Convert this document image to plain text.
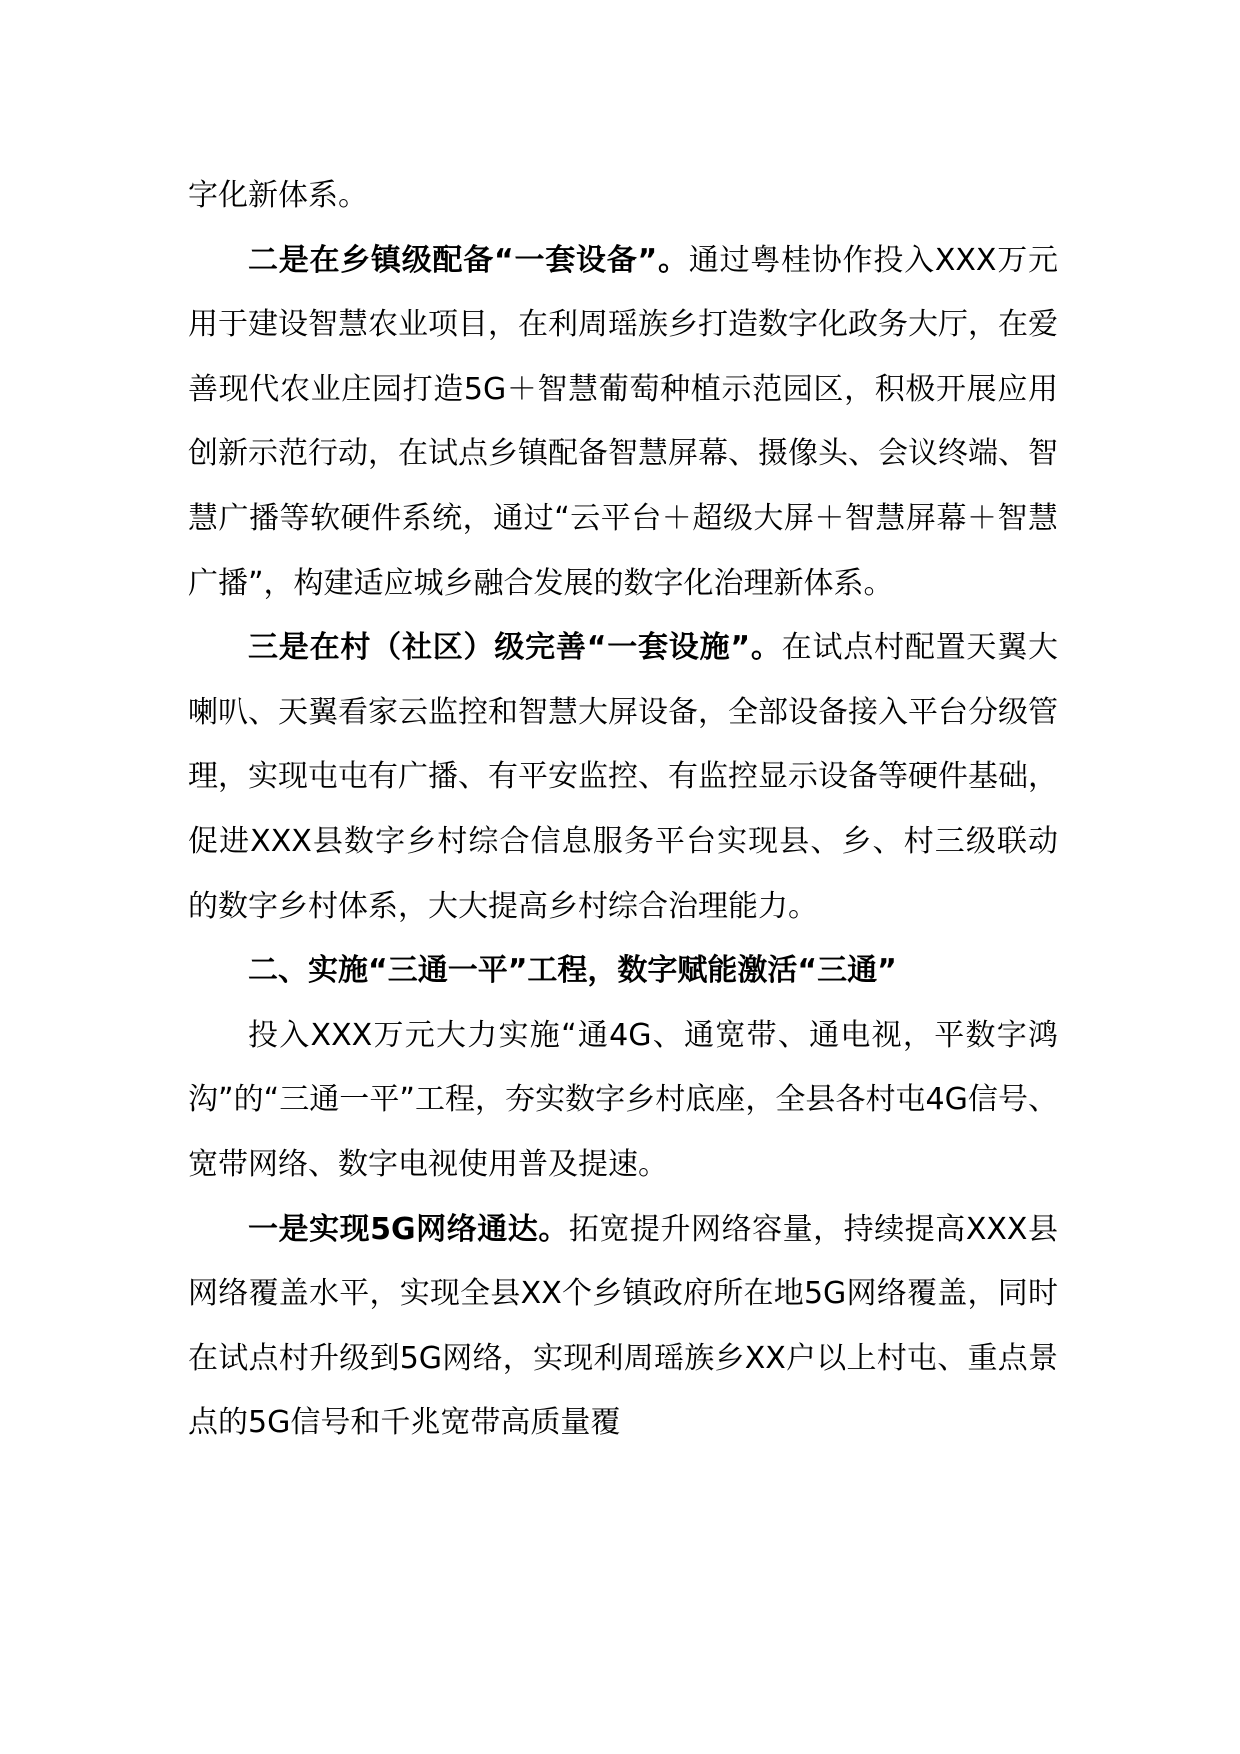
字化新体系。

二是在乡镇级配备“一套设备”。通过粤桂协作投入XXX万元用于建设智慧农业项目，在利周瑶族乡打造数字化政务大厅，在爱善现代农业庄园打造5G＋智慧葡萄种植示范园区，积极开展应用创新示范行动，在试点乡镇配备智慧屏幕、摄像头、会议终端、智慧广播等软硬件系统，通过“云平台＋超级大屏＋智慧屏幕＋智慧广播”，构建适应城乡融合发展的数字化治理新体系。

三是在村（社区）级完善“一套设施”。在试点村配置天翼大喇叭、天翼看家云监控和智慧大屏设备，全部设备接入平台分级管理，实现屯屯有广播、有平安监控、有监控显示设备等硬件基础，促进XXX县数字乡村综合信息服务平台实现县、乡、村三级联动的数字乡村体系，大大提高乡村综合治理能力。

二、实施“三通一平”工程，数字赋能激活“三通”

投入XXX万元大力实施“通4G、通宽带、通电视，平数字鸿沟”的“三通一平”工程，夯实数字乡村底座，全县各村屯4G信号、宽带网络、数字电视使用普及提速。

一是实现5G网络通达。拓宽提升网络容量，持续提高XXX县网络覆盖水平，实现全县XX个乡镇政府所在地5G网络覆盖，同时在试点村升级到5G网络，实现利周瑶族乡XX户以上村屯、重点景点的5G信号和千兆宽带高质量覆
